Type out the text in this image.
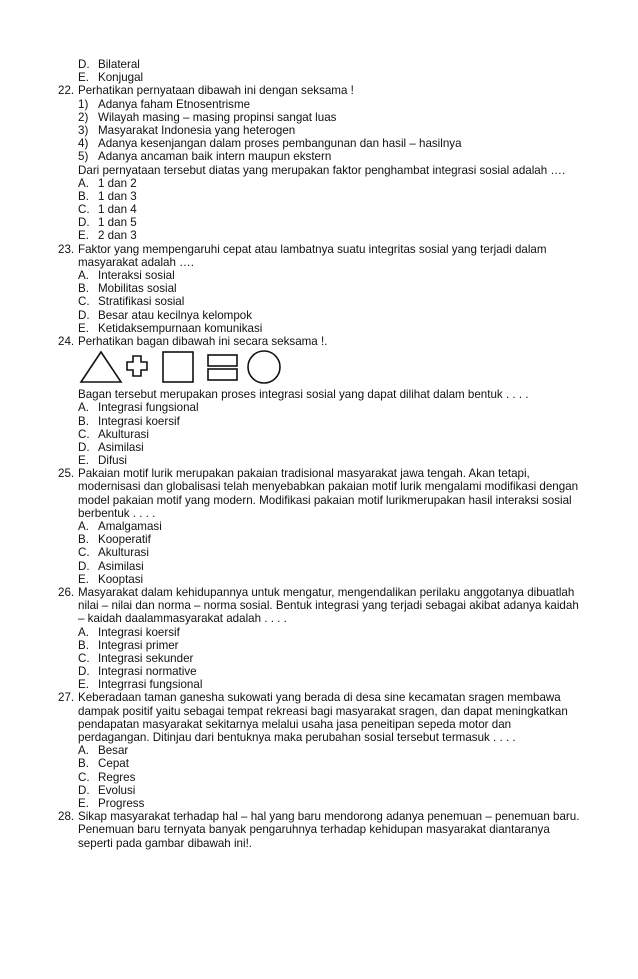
D. Bilateral
E. Konjugal
22. Perhatikan pernyataan dibawah ini dengan seksama !
1) Adanya faham Etnosentrisme
2) Wilayah masing – masing propinsi sangat luas
3) Masyarakat Indonesia yang heterogen
4) Adanya kesenjangan dalam proses pembangunan dan hasil – hasilnya
5) Adanya ancaman baik intern maupun ekstern
Dari pernyataan tersebut diatas yang merupakan faktor penghambat integrasi sosial adalah ….
A. 1 dan 2
B. 1 dan 3
C. 1 dan 4
D. 1 dan 5
E. 2 dan 3
23. Faktor yang mempengaruhi cepat atau lambatnya suatu integritas sosial yang terjadi dalam
masyarakat adalah ….
A. Interaksi sosial
B. Mobilitas sosial
C. Stratifikasi sosial
D. Besar atau kecilnya kelompok
E. Ketidaksempurnaan komunikasi
24. Perhatikan bagan dibawah ini secara seksama !.
Bagan tersebut merupakan proses integrasi sosial yang dapat dilihat dalam bentuk . . . .
A. Integrasi fungsional
B. Integrasi koersif
C. Akulturasi
D. Asimilasi
E. Difusi
25. Pakaian motif lurik merupakan pakaian tradisional masyarakat jawa tengah. Akan tetapi,
modernisasi dan globalisasi telah menyebabkan pakaian motif lurik mengalami modifikasi dengan
model pakaian motif yang modern. Modifikasi pakaian motif lurikmerupakan hasil interaksi sosial
berbentuk . . . .
A. Amalgamasi
B. Kooperatif
C. Akulturasi
D. Asimilasi
E. Kooptasi
26. Masyarakat dalam kehidupannya untuk mengatur, mengendalikan perilaku anggotanya dibuatlah
nilai – nilai dan norma – norma sosial. Bentuk integrasi yang terjadi sebagai akibat adanya kaidah
– kaidah daalammasyarakat adalah . . . .
A. Integrasi koersif
B. Integrasi primer
C. Integrasi sekunder
D. Integrasi normative
E. Integrrasi fungsional
27. Keberadaan taman ganesha sukowati yang berada di desa sine kecamatan sragen membawa
dampak positif yaitu sebagai tempat rekreasi bagi masyarakat sragen, dan dapat meningkatkan
pendapatan masyarakat sekitarnya melalui usaha jasa peneitipan sepeda motor dan
perdagangan. Ditinjau dari bentuknya maka perubahan sosial tersebut termasuk . . . .
A. Besar
B. Cepat
C. Regres
D. Evolusi
E. Progress
28. Sikap masyarakat terhadap hal – hal yang baru mendorong adanya penemuan – penemuan baru.
Penemuan baru ternyata banyak pengaruhnya terhadap kehidupan masyarakat diantaranya
seperti pada gambar dibawah ini!.
